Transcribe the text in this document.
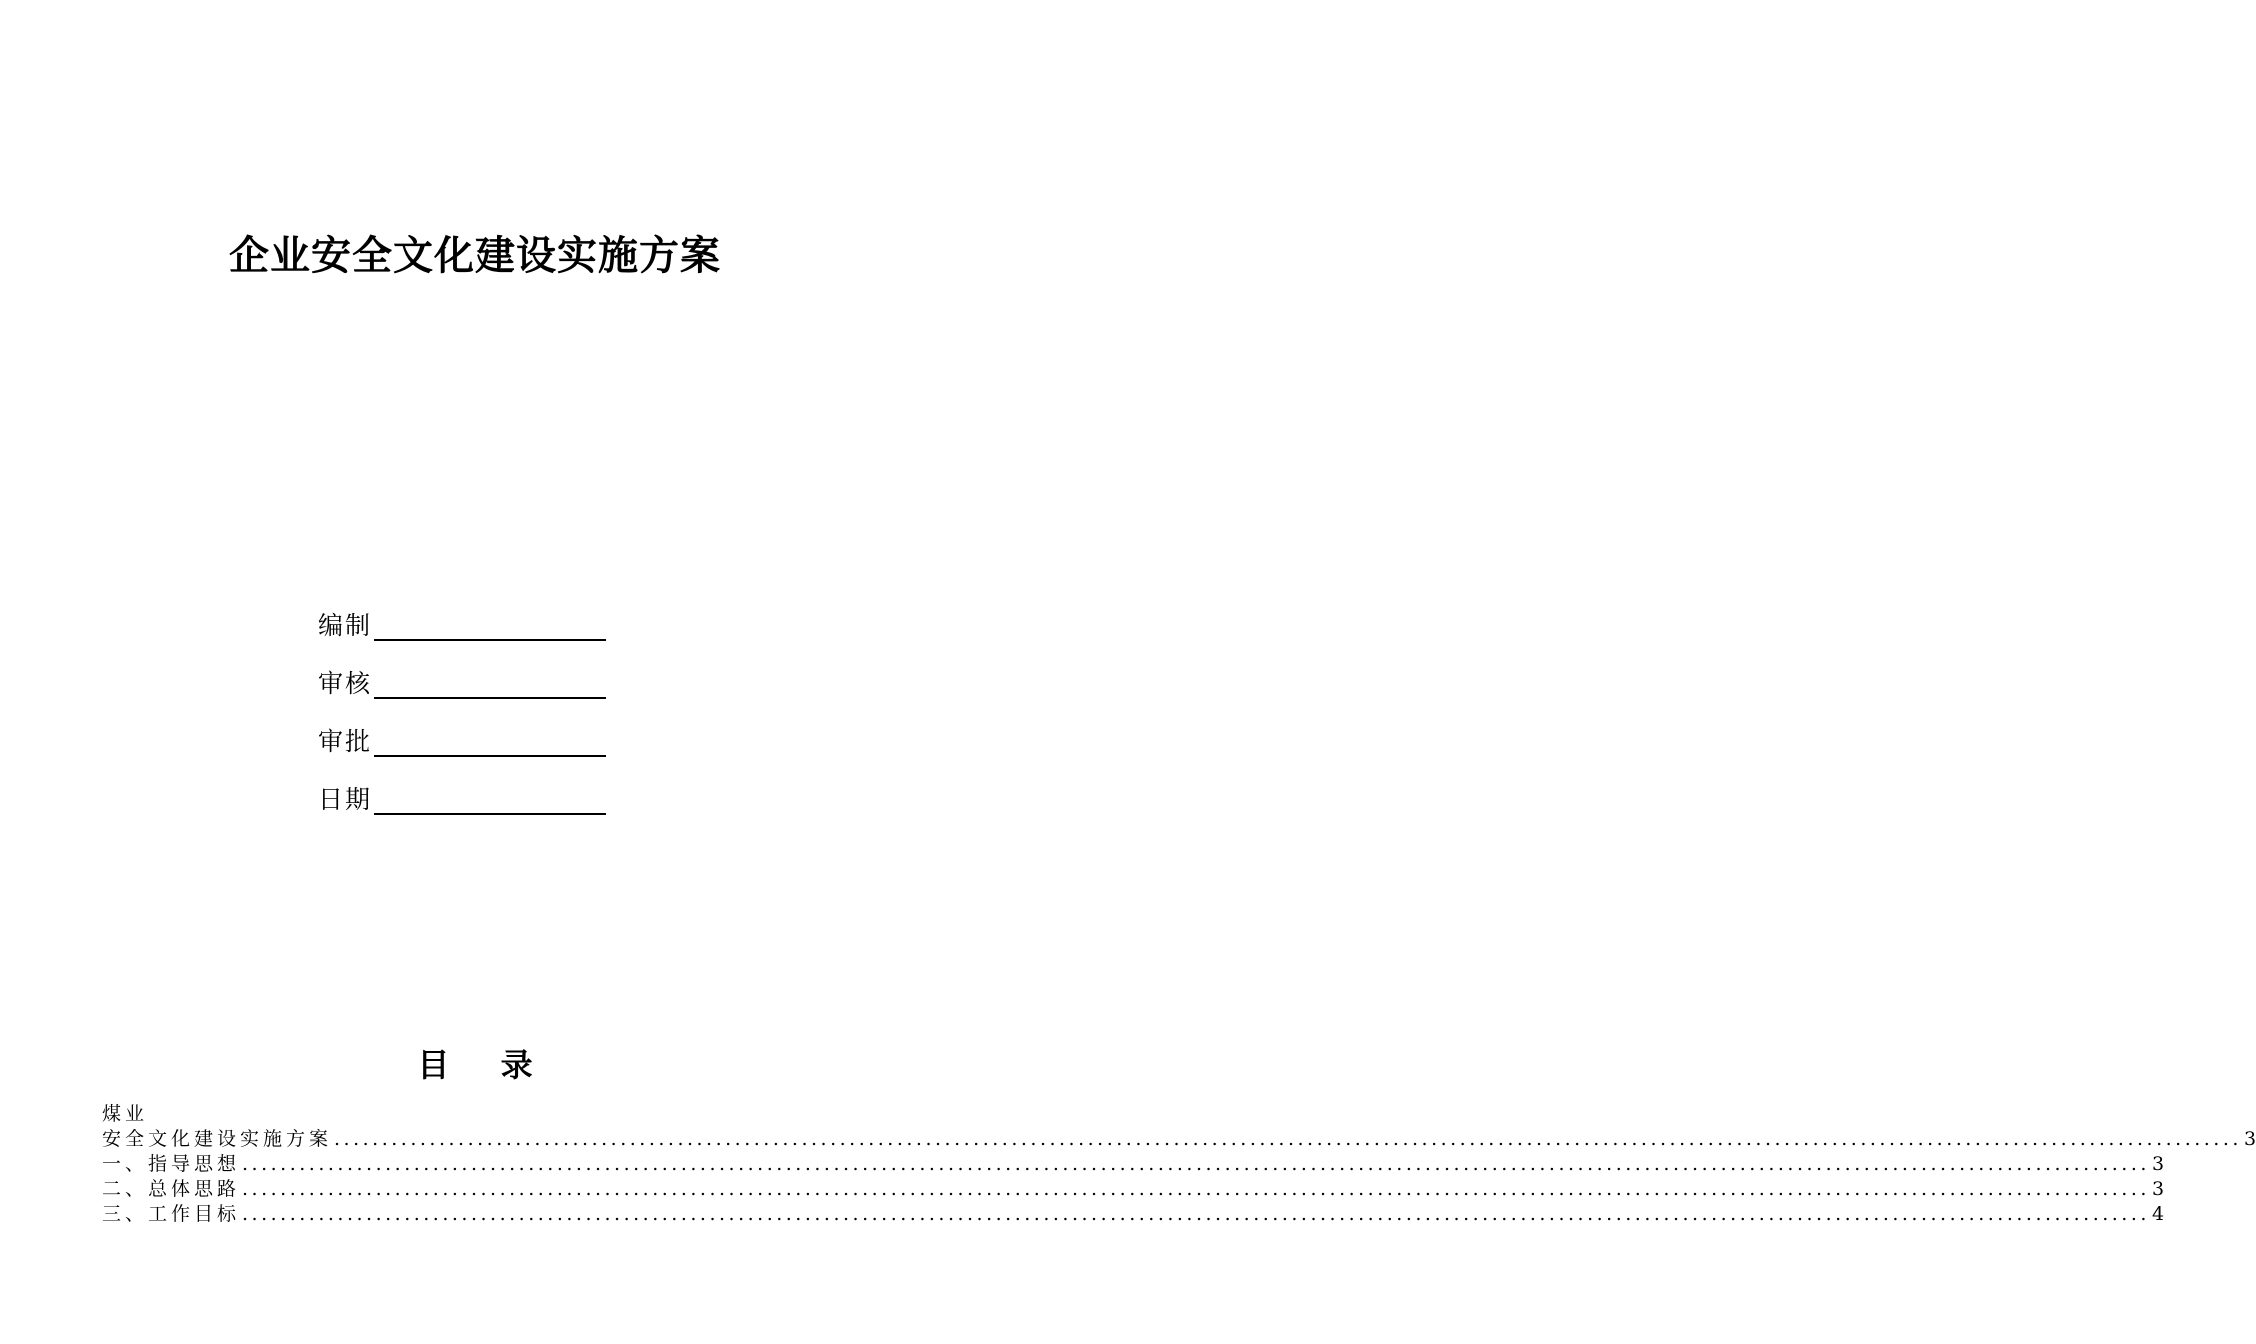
企业安全文化建设实施方案
编制
审核
审批
日期
目 录
煤业
安全文化建设实施方案 ........................................................................................................................................................................................................ 3
一、指导思想 ........................................................................................................................................................................................................ 3
二、总体思路 ........................................................................................................................................................................................................ 3
三、工作目标 ........................................................................................................................................................................................................ 4
